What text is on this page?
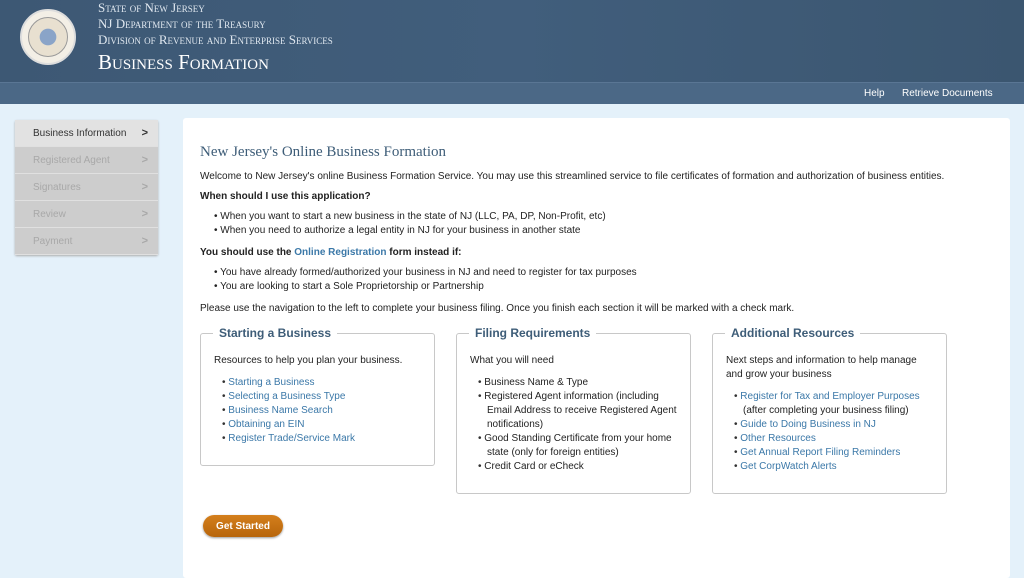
State of New Jersey
NJ Department of the Treasury
Division of Revenue and Enterprise Services
Business Formation
Help Retrieve Documents
Business Information >
Registered Agent	>
Signatures	>
Review	>
Payment	>
New Jersey's Online Business Formation

Welcome to New Jersey's online Business Formation Service. You may use this streamlined service to file certificates of formation and authorization of business entities.

When should I use this application?

• When you want to start a new business in the state of NJ (LLC, PA, DP, Non-Profit, etc)
• When you need to authorize a legal entity in NJ for your business in another state

You should use the Online Registration form instead if:

• You have already formed/authorized your business in NJ and need to register for tax purposes
• You are looking to start a Sole Proprietorship or Partnership

Please use the navigation to the left to complete your business filing. Once you finish each section it will be marked with a check mark.

Starting a Business

Resources to help you plan your business.

• Starting a Business
• Selecting a Business Type
• Business Name Search
• Obtaining an EIN
• Register Trade/Service Mark
Filing Requirements

What you will need

• Business Name & Type
• Registered Agent information (including Email Address to receive Registered Agent notifications)
• Good Standing Certificate from your home state (only for foreign entities)
• Credit Card or eCheck
Additional Resources

Next steps and information to help manage and grow your business

• Register for Tax and Employer Purposes
(after completing your business filing)
• Guide to Doing Business in NJ
• Other Resources
• Get Annual Report Filing Reminders
• Get CorpWatch Alerts
Get Started
